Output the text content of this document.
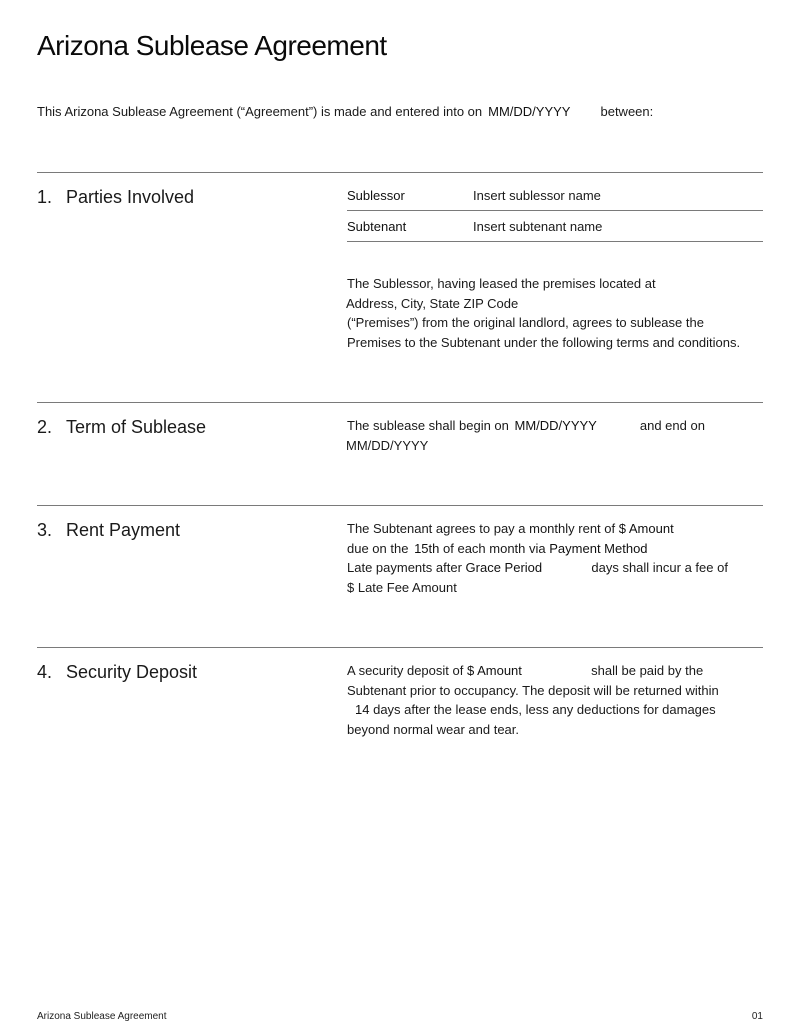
Arizona Sublease Agreement
This Arizona Sublease Agreement (“Agreement”) is made and entered into on MM/DD/YYYY between:
1. Parties Involved	Sublessor	Insert sublessor name
Subtenant	Insert subtenant name
The Sublessor, having leased the premises located at
Address, City, State ZIP Code
(“Premises”) from the original landlord, agrees to sublease the
Premises to the Subtenant under the following terms and conditions.
2. Term of Sublease	The sublease shall begin on MM/DD/YYYY	and end on
MM/DD/YYYY
3. Rent Payment	The Subtenant agrees to pay a monthly rent of $ Amount
due on the 15th of each month via Payment Method
Late payments after Grace Period	days shall incur a fee of
$ Late Fee Amount
4. Security Deposit	A security deposit of $ Amount	shall be paid by the
Subtenant prior to occupancy. The deposit will be returned within
14 days after the lease ends, less any deductions for damages
beyond normal wear and tear.
Arizona Sublease Agreement	01
